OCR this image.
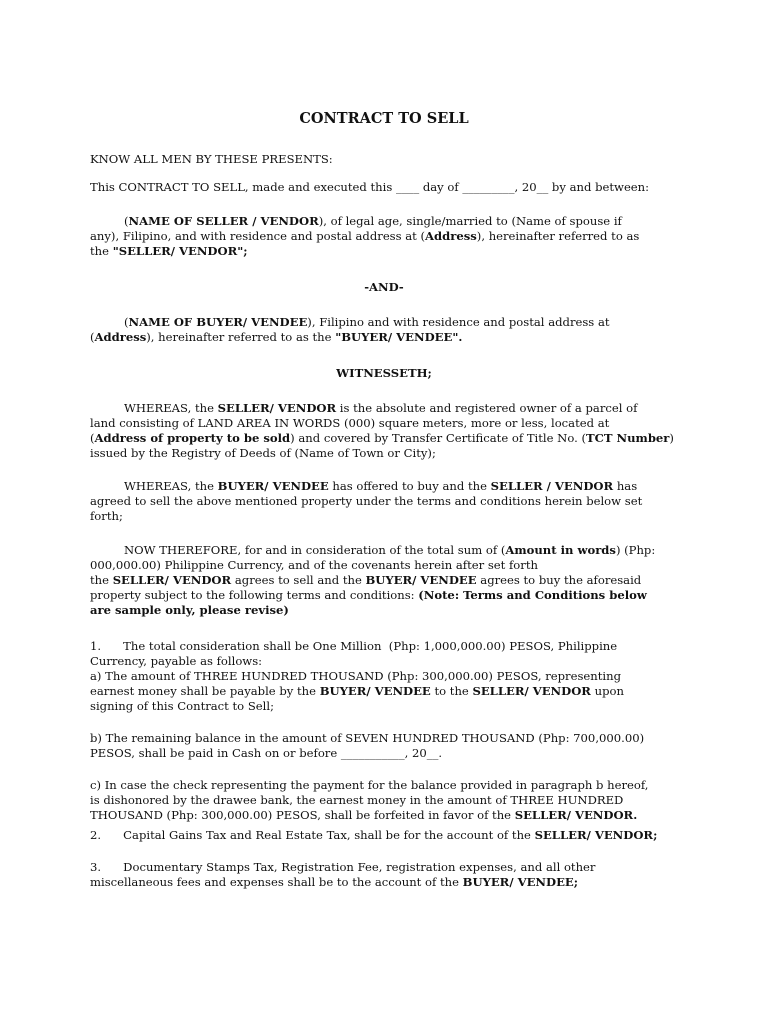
CONTRACT TO SELL

KNOW ALL MEN BY THESE PRESENTS:

This CONTRACT TO SELL, made and executed this ____ day of _________, 20__ by and between:

(NAME OF SELLER / VENDOR), of legal age, single/married to (Name of spouse if
any), Filipino, and with residence and postal address at (Address), hereinafter referred to as
the "SELLER/ VENDOR";

-AND-

(NAME OF BUYER/ VENDEE), Filipino and with residence and postal address at
(Address), hereinafter referred to as the "BUYER/ VENDEE".

WITNESSETH;

WHEREAS, the SELLER/ VENDOR is the absolute and registered owner of a parcel of
land consisting of LAND AREA IN WORDS (000) square meters, more or less, located at
(Address of property to be sold) and covered by Transfer Certificate of Title No. (TCT Number)
issued by the Registry of Deeds of (Name of Town or City);

WHEREAS, the BUYER/ VENDEE has offered to buy and the SELLER / VENDOR has
agreed to sell the above mentioned property under the terms and conditions herein below set
forth;

NOW THEREFORE, for and in consideration of the total sum of (Amount in words) (Php:
000,000.00) Philippine Currency, and of the covenants herein after set forth
the SELLER/ VENDOR agrees to sell and the BUYER/ VENDEE agrees to buy the aforesaid
property subject to the following terms and conditions: (Note: Terms and Conditions below
are sample only, please revise)

1.      The total consideration shall be One Million  (Php: 1,000,000.00) PESOS, Philippine
Currency, payable as follows:
a) The amount of THREE HUNDRED THOUSAND (Php: 300,000.00) PESOS, representing
earnest money shall be payable by the BUYER/ VENDEE to the SELLER/ VENDOR upon
signing of this Contract to Sell;

b) The remaining balance in the amount of SEVEN HUNDRED THOUSAND (Php: 700,000.00)
PESOS, shall be paid in Cash on or before ___________, 20__.

c) In case the check representing the payment for the balance provided in paragraph b hereof,
is dishonored by the drawee bank, the earnest money in the amount of THREE HUNDRED
THOUSAND (Php: 300,000.00) PESOS, shall be forfeited in favor of the SELLER/ VENDOR.

2.      Capital Gains Tax and Real Estate Tax, shall be for the account of the SELLER/ VENDOR;

3.      Documentary Stamps Tax, Registration Fee, registration expenses, and all other
miscellaneous fees and expenses shall be to the account of the BUYER/ VENDEE;
